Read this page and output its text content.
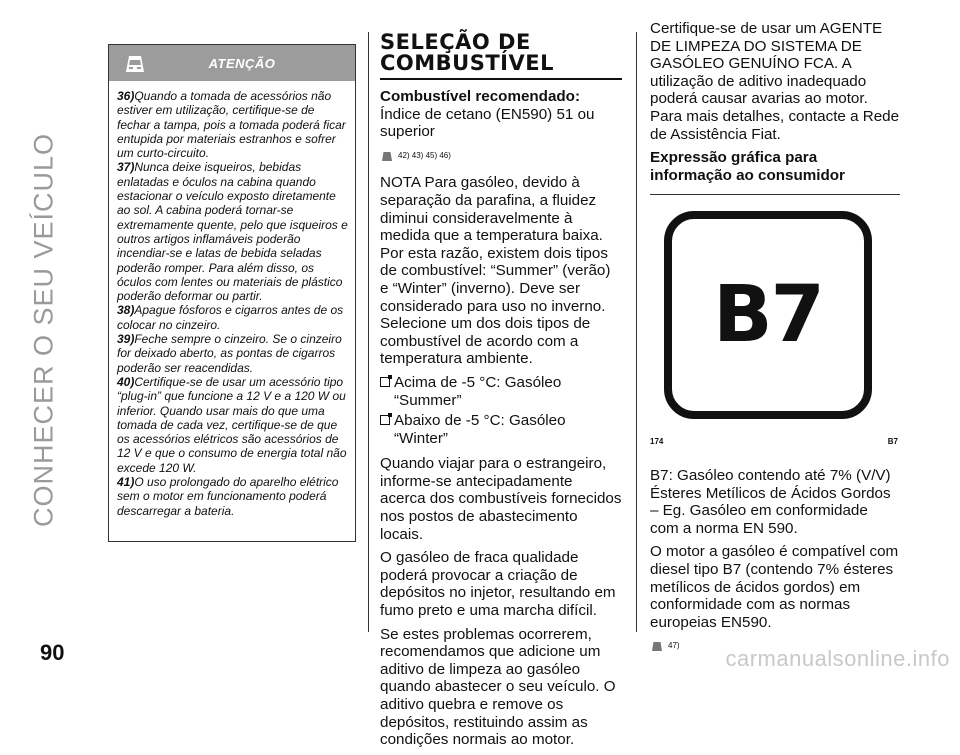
CONHECER O SEU VEÍCULO
90
ATENÇÃO
36)Quando a tomada de acessórios não estiver em utilização, certifique-se de fechar a tampa, pois a tomada poderá ficar entupida por materiais estranhos e sofrer um curto-circuito.
37)Nunca deixe isqueiros, bebidas enlatadas e óculos na cabina quando estacionar o veículo exposto diretamente ao sol. A cabina poderá tornar-se extremamente quente, pelo que isqueiros e outros artigos inflamáveis poderão incendiar-se e latas de bebida seladas poderão romper. Para além disso, os óculos com lentes ou materiais de plástico poderão deformar ou partir.
38)Apague fósforos e cigarros antes de os colocar no cinzeiro.
39)Feche sempre o cinzeiro. Se o cinzeiro for deixado aberto, as pontas de cigarros poderão ser reacendidas.
40)Certifique-se de usar um acessório tipo “plug-in” que funcione a 12 V e a 120 W ou inferior. Quando usar mais do que uma tomada de cada vez, certifique-se de que os acessórios elétricos são acessórios de 12 V e que o consumo de energia total não excede 120 W.
41)O uso prolongado do aparelho elétrico sem o motor em funcionamento poderá descarregar a bateria.
SELEÇÃO DE
COMBUSTÍVEL

Combustível recomendado: Índice de cetano (EN590) 51 ou superior

42) 43) 45) 46)

NOTA Para gasóleo, devido à separação da parafina, a fluidez diminui consideravelmente à medida que a temperatura baixa. Por esta razão, existem dois tipos de combustível: “Summer” (verão) e “Winter” (inverno). Deve ser considerado para uso no inverno. Selecione um dos dois tipos de combustível de acordo com a temperatura ambiente.

Acima de -5 °C: Gasóleo “Summer”
Abaixo de -5 °C: Gasóleo “Winter”

Quando viajar para o estrangeiro, informe-se antecipadamente acerca dos combustíveis fornecidos nos postos de abastecimento locais.

O gasóleo de fraca qualidade poderá provocar a criação de depósitos no injetor, resultando em fumo preto e uma marcha difícil.

Se estes problemas ocorrerem, recomendamos que adicione um aditivo de limpeza ao gasóleo quando abastecer o seu veículo. O aditivo quebra e remove os depósitos, restituindo assim as condições normais ao motor.

Certifique-se de usar um AGENTE DE LIMPEZA DO SISTEMA DE GASÓLEO GENUÍNO FCA. A utilização de aditivo inadequado poderá causar avarias ao motor. Para mais detalhes, contacte a Rede de Assistência Fiat.

Expressão gráfica para informação ao consumidor
B7
174	B7

B7: Gasóleo contendo até 7% (V/V) Ésteres Metílicos de Ácidos Gordos – Eg. Gasóleo em conformidade com a norma EN 590.

O motor a gasóleo é compatível com diesel tipo B7 (contendo 7% ésteres metílicos de ácidos gordos) em conformidade com as normas europeias EN590.

47)
carmanualsonline.info
